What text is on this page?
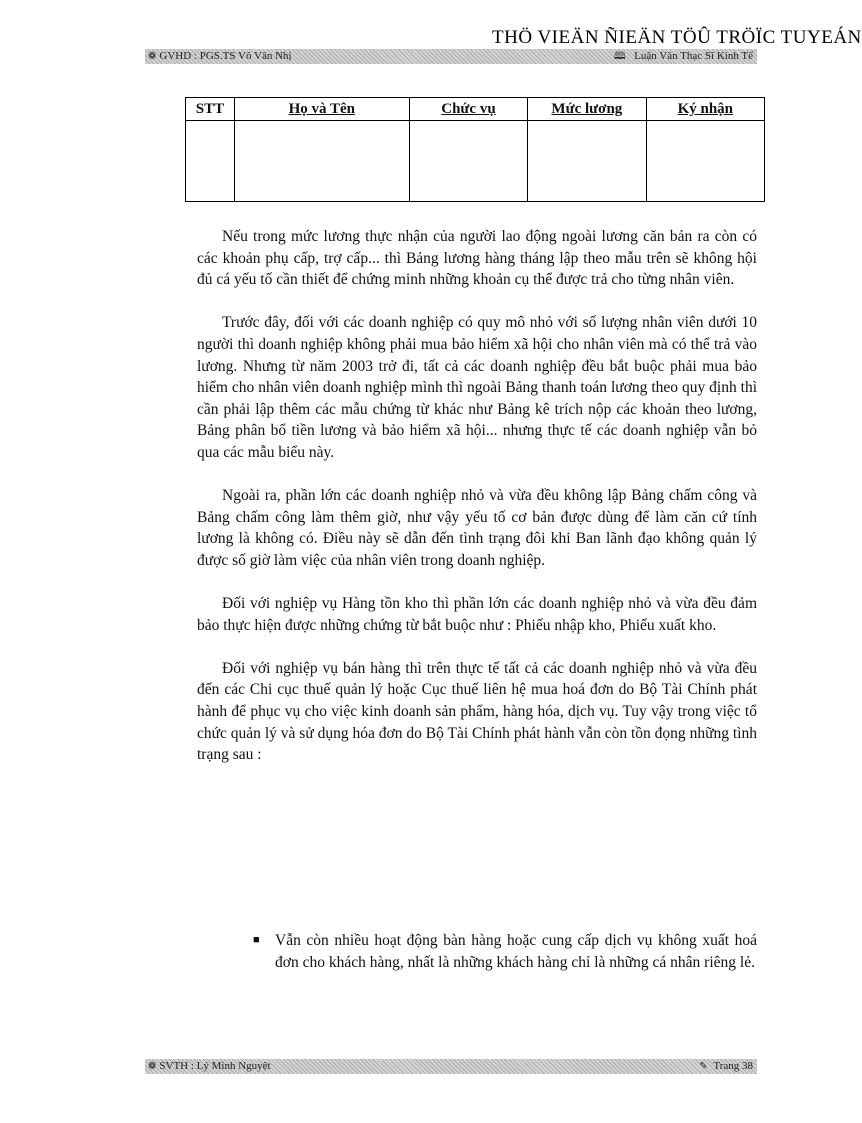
THÖ VIEÄN ÑIEÄN TÖÛ TRÖÏC TUYEÁN
❁ GVHD : PGS.TS Võ Văn Nhị	🕮 Luận Văn Thạc Sĩ Kinh Tế
STT	Họ và Tên	Chức vụ	Mức lương	Ký nhận

Nếu trong mức lương thực nhận của người lao động ngoài lương căn bản ra còn có các khoản phụ cấp, trợ cấp... thì Bảng lương hàng tháng lập theo mẫu trên sẽ không hội đủ cá yếu tố cần thiết để chứng minh những khoản cụ thể được trả cho từng nhân viên.

Trước đây, đối với các doanh nghiệp có quy mô nhỏ với số lượng nhân viên dưới 10 người thì doanh nghiệp không phải mua bảo hiểm xã hội cho nhân viên mà có thể trả vào lương. Nhưng từ năm 2003 trở đi, tất cả các doanh nghiệp đều bắt buộc phải mua bảo hiểm cho nhân viên doanh nghiệp mình thì ngoài Bảng thanh toán lương theo quy định thì cần phải lập thêm các mẫu chứng từ khác như Bảng kê trích nộp các khoản theo lương, Bảng phân bổ tiền lương và bảo hiểm xã hội... nhưng thực tế các doanh nghiệp vẫn bỏ qua các mẫu biểu này.

Ngoài ra, phần lớn các doanh nghiệp nhỏ và vừa đều không lập Bảng chấm công và Bảng chấm công làm thêm giờ, như vậy yếu tố cơ bản được dùng để làm căn cứ tính lương là không có. Điều này sẽ dẫn đến tình trạng đôi khi Ban lãnh đạo không quản lý được số giờ làm việc của nhân viên trong doanh nghiệp.

Đối với nghiệp vụ Hàng tồn kho thì phần lớn các doanh nghiệp nhỏ và vừa đều đảm bảo thực hiện được những chứng từ bắt buộc như : Phiếu nhập kho, Phiếu xuất kho.

Đối với nghiệp vụ bán hàng thì trên thực tế tất cả các doanh nghiệp nhỏ và vừa đều đến các Chi cục thuế quản lý hoặc Cục thuế liên hệ mua hoá đơn do Bộ Tài Chính phát hành để phục vụ cho việc kinh doanh sản phẩm, hàng hóa, dịch vụ. Tuy vậy trong việc tổ chức quản lý và sử dụng hóa đơn do Bộ Tài Chính phát hành vẫn còn tồn đọng những tình trạng sau :

■ Vẫn còn nhiều hoạt động bàn hàng hoặc cung cấp dịch vụ không xuất hoá đơn cho khách hàng, nhất là những khách hàng chỉ là những cá nhân riêng lẻ.
❁ SVTH : Lý Minh Nguyệt	✎ Trang 38
